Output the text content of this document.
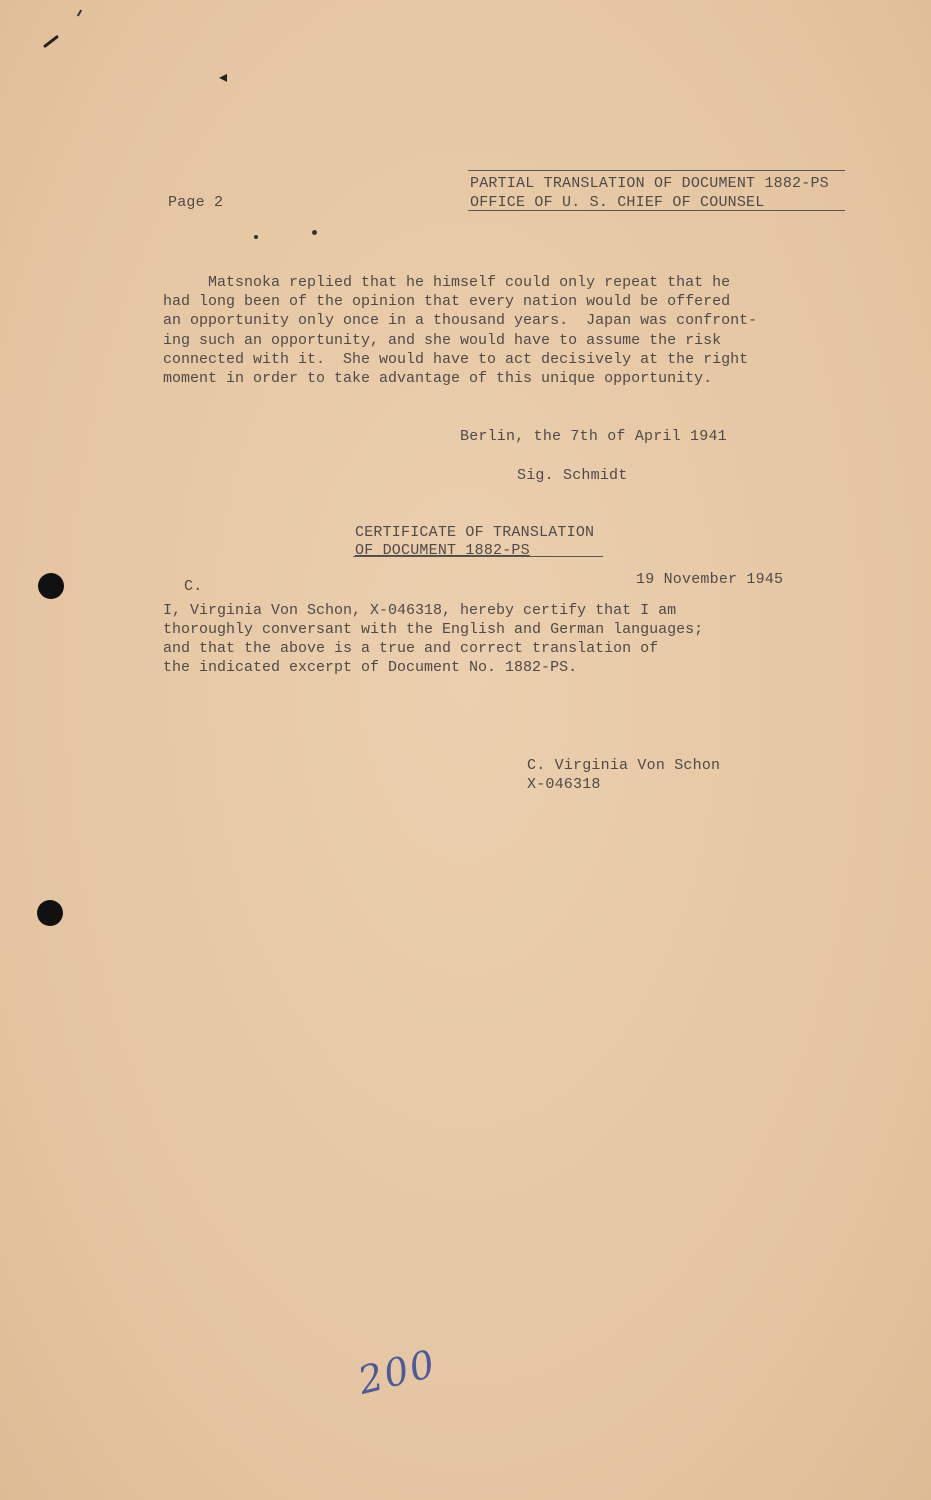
◂
PARTIAL TRANSLATION OF DOCUMENT 1882-PS
OFFICE OF U. S. CHIEF OF COUNSEL
Page 2
Matsnoka replied that he himself could only repeat that he
had long been of the opinion that every nation would be offered
an opportunity only once in a thousand years.  Japan was confront-
ing such an opportunity, and she would have to assume the risk
connected with it.  She would have to act decisively at the right
moment in order to take advantage of this unique opportunity.
Berlin, the 7th of April 1941
Sig. Schmidt
CERTIFICATE OF TRANSLATION
OF DOCUMENT 1882-PS
19 November 1945
C.
I, Virginia Von Schon, X-046318, hereby certify that I am
thoroughly conversant with the English and German languages;
and that the above is a true and correct translation of
the indicated excerpt of Document No. 1882-PS.
C. Virginia Von Schon
X-046318
200
